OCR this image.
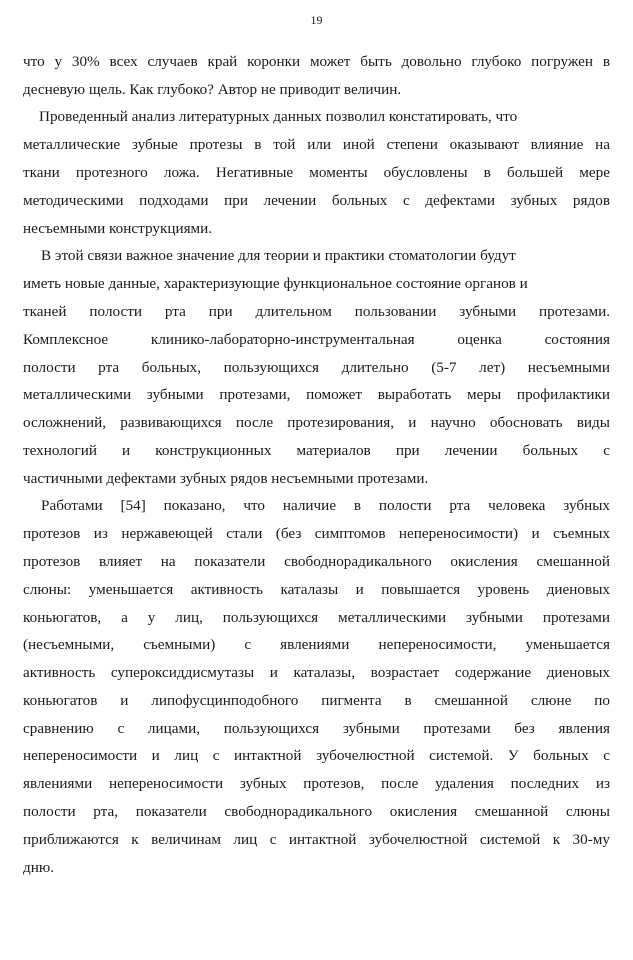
19
что у 30% всех случаев край коронки может быть довольно глубоко погружен в
десневую щель. Как глубоко? Автор не приводит величин.
Проведенный анализ литературных данных позволил констатировать, что
металлические зубные протезы в той или иной степени оказывают влияние на
ткани протезного ложа. Негативные моменты обусловлены в большей мере
методическими подходами при лечении больных с дефектами зубных рядов
несъемными конструкциями.
В этой связи важное значение для теории и практики стоматологии будут
иметь новые данные, характеризующие функциональное состояние органов и
тканей полости рта при длительном пользовании зубными протезами.
Комплексное клинико-лабораторно-инструментальная оценка состояния
полости рта больных, пользующихся длительно (5-7 лет) несъемными
металлическими зубными протезами, поможет выработать меры профилактики
осложнений, развивающихся после протезирования, и научно обосновать виды
технологий и конструкционных материалов при лечении больных с
частичными дефектами зубных рядов несъемными протезами.
Работами [54] показано, что наличие в полости рта человека зубных
протезов из нержавеющей стали (без симптомов непереносимости) и съемных
протезов влияет на показатели свободнорадикального окисления смешанной
слюны: уменьшается активность каталазы и повышается уровень диеновых
коньюгатов, а у лиц, пользующихся металлическими зубными протезами
(несъемными, съемными) с явлениями непереносимости, уменьшается
активность супероксиддисмутазы и каталазы, возрастает содержание диеновых
коньюгатов и липофусцинподобного пигмента в смешанной слюне по
сравнению с лицами, пользующихся зубными протезами без явления
непереносимости и лиц с интактной зубочелюстной системой. У больных с
явлениями непереносимости зубных протезов, после удаления последних из
полости рта, показатели свободнорадикального окисления смешанной слюны
приближаются к величинам лиц с интактной зубочелюстной системой к 30-му
дню.
